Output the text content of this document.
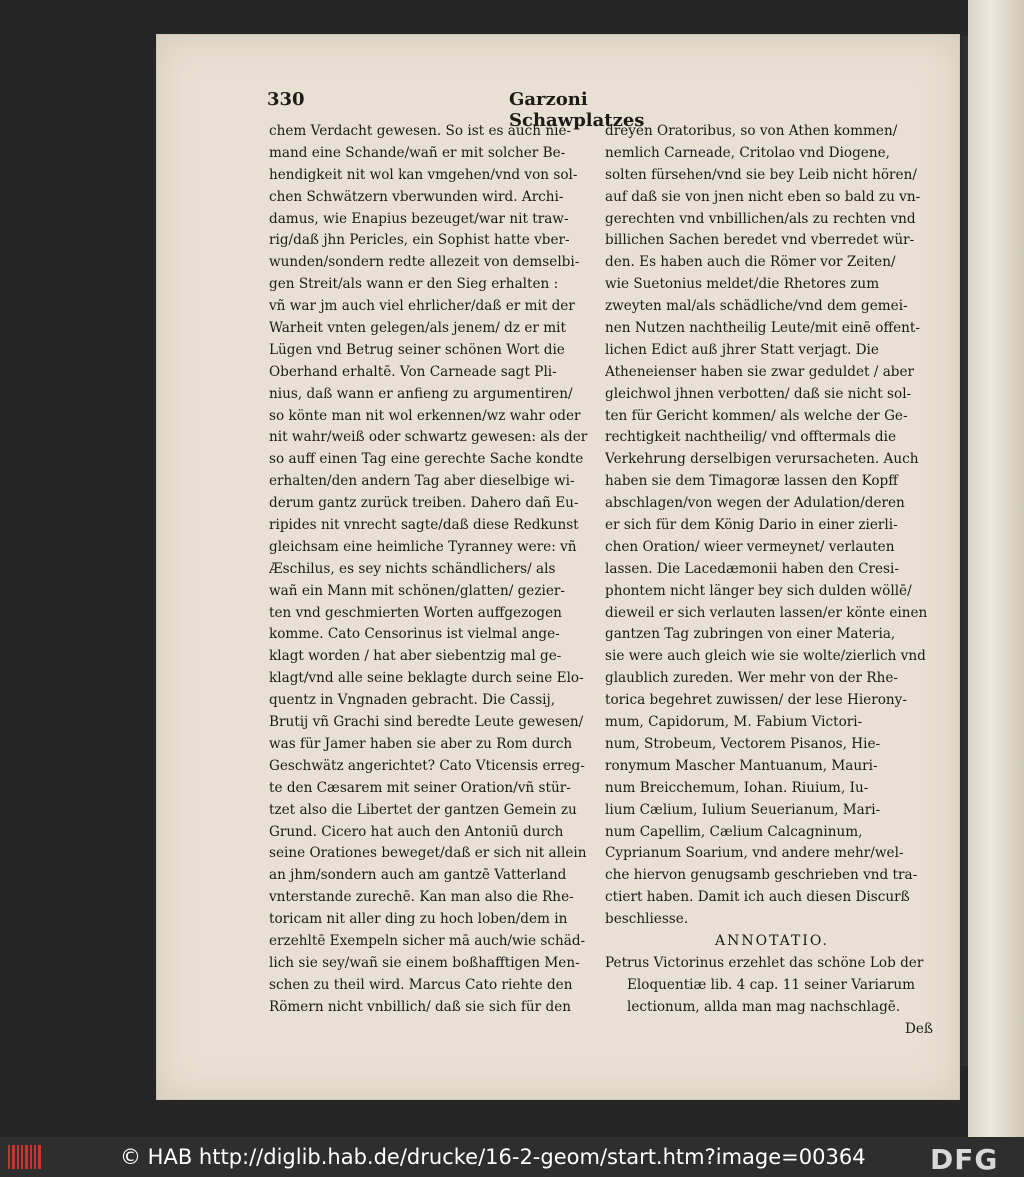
330	Garzoni Schawplatzes
chem Verdacht gewesen. So ist es auch nie-
mand eine Schande/wañ er mit solcher Be-
hendigkeit nit wol kan vmgehen/vnd von sol-
chen Schwätzern vberwunden wird. Archi-
damus, wie Enapius bezeuget/war nit traw-
rig/daß jhn Pericles, ein Sophist hatte vber-
wunden/sondern redte allezeit von demselbi-
gen Streit/als wann er den Sieg erhalten :
vñ war jm auch viel ehrlicher/daß er mit der
Warheit vnten gelegen/als jenem/ dz er mit
Lügen vnd Betrug seiner schönen Wort die
Oberhand erhaltē. Von Carneade sagt Pli-
nius, daß wann er anfieng zu argumentiren/
so könte man nit wol erkennen/wz wahr oder
nit wahr/weiß oder schwartz gewesen: als der
so auff einen Tag eine gerechte Sache kondte
erhalten/den andern Tag aber dieselbige wi-
derum gantz zurück treiben. Dahero dañ Eu-
ripides nit vnrecht sagte/daß diese Redkunst
gleichsam eine heimliche Tyranney were: vñ
Æschilus, es sey nichts schändlichers/ als
wañ ein Mann mit schönen/glatten/ gezier-
ten vnd geschmierten Worten auffgezogen
komme. Cato Censorinus ist vielmal ange-
klagt worden / hat aber siebentzig mal ge-
klagt/vnd alle seine beklagte durch seine Elo-
quentz in Vngnaden gebracht. Die Cassij,
Brutij vñ Grachi sind beredte Leute gewesen/
was für Jamer haben sie aber zu Rom durch
Geschwätz angerichtet? Cato Vticensis erreg-
te den Cæsarem mit seiner Oration/vñ stür-
tzet also die Libertet der gantzen Gemein zu
Grund. Cicero hat auch den Antoniū durch
seine Orationes beweget/daß er sich nit allein
an jhm/sondern auch am gantzē Vatterland
vnterstande zurechē. Kan man also die Rhe-
toricam nit aller ding zu hoch loben/dem in
erzehltē Exempeln sicher mā auch/wie schäd-
lich sie sey/wañ sie einem boßhafftigen Men-
schen zu theil wird. Marcus Cato riehte den
Römern nicht vnbillich/ daß sie sich für den
dreyen Oratoribus, so von Athen kommen/
nemlich Carneade, Critolao vnd Diogene,
solten fürsehen/vnd sie bey Leib nicht hören/
auf daß sie von jnen nicht eben so bald zu vn-
gerechten vnd vnbillichen/als zu rechten vnd
billichen Sachen beredet vnd vberredet wür-
den. Es haben auch die Römer vor Zeiten/
wie Suetonius meldet/die Rhetores zum
zweyten mal/als schädliche/vnd dem gemei-
nen Nutzen nachtheilig Leute/mit einē offent-
lichen Edict auß jhrer Statt verjagt. Die
Atheneienser haben sie zwar geduldet / aber
gleichwol jhnen verbotten/ daß sie nicht sol-
ten für Gericht kommen/ als welche der Ge-
rechtigkeit nachtheilig/ vnd offtermals die
Verkehrung derselbigen verursacheten. Auch
haben sie dem Timagoræ lassen den Kopff
abschlagen/von wegen der Adulation/deren
er sich für dem König Dario in einer zierli-
chen Oration/ wieer vermeynet/ verlauten
lassen. Die Lacedæmonii haben den Cresi-
phontem nicht länger bey sich dulden wöllē/
dieweil er sich verlauten lassen/er könte einen
gantzen Tag zubringen von einer Materia,
sie were auch gleich wie sie wolte/zierlich vnd
glaublich zureden. Wer mehr von der Rhe-
torica begehret zuwissen/ der lese Hierony-
mum, Capidorum, M. Fabium Victori-
num, Strobeum, Vectorem Pisanos, Hie-
ronymum Mascher Mantuanum, Mauri-
num Breicchemum, Iohan. Riuium, Iu-
lium Cælium, Iulium Seuerianum, Mari-
num Capellim, Cælium Calcagninum,
Cyprianum Soarium, vnd andere mehr/wel-
che hiervon genugsamb geschrieben vnd tra-
ctiert haben. Damit ich auch diesen Discurß
beschliesse.
ANNOTATIO.
Petrus Victorinus erzehlet das schöne Lob der
Eloquentiæ lib. 4 cap. 11 seiner Variarum
lectionum, allda man mag nachschlagē.
Deß
© HAB http://diglib.hab.de/drucke/16-2-geom/start.htm?image=00364 DFG
